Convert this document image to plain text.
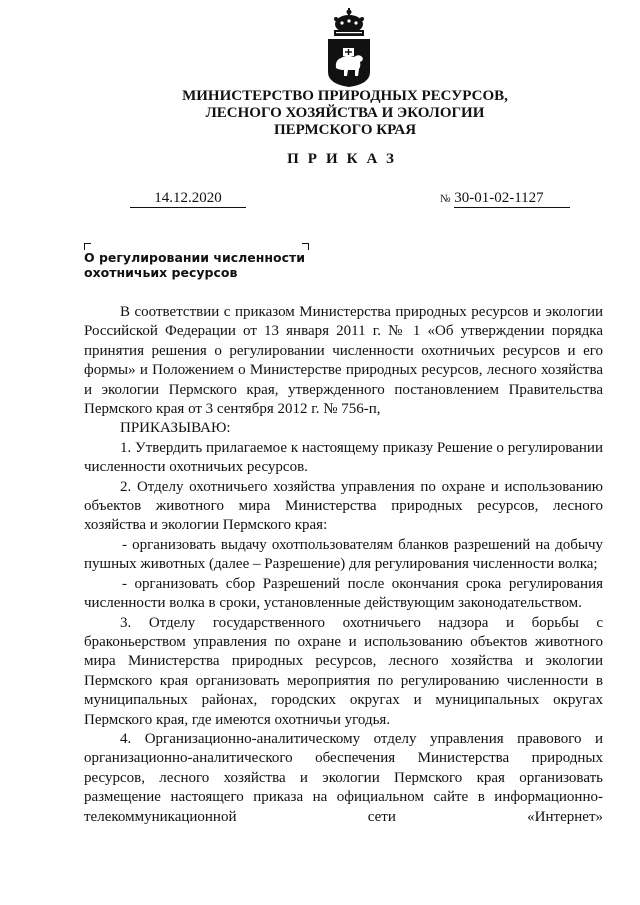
МИНИСТЕРСТВО ПРИРОДНЫХ РЕСУРСОВ,
ЛЕСНОГО ХОЗЯЙСТВА И ЭКОЛОГИИ
ПЕРМСКОГО КРАЯ
ПРИКАЗ
14.12.2020	№ 30-01-02-1127
О регулировании численности
охотничьих ресурсов

В соответствии с приказом Министерства природных ресурсов и экологии Российской Федерации от 13 января 2011 г. № 1 «Об утверждении порядка принятия решения о регулировании численности охотничьих ресурсов и его формы» и Положением о Министерстве природных ресурсов, лесного хозяйства и экологии Пермского края, утвержденного постановлением Правительства Пермского края от 3 сентября 2012 г. № 756-п,

ПРИКАЗЫВАЮ:

1. Утвердить прилагаемое к настоящему приказу Решение о регулировании численности охотничьих ресурсов.

2. Отделу охотничьего хозяйства управления по охране и использованию объектов животного мира Министерства природных ресурсов, лесного хозяйства и экологии Пермского края:

- организовать выдачу охотпользователям бланков разрешений на добычу пушных животных (далее – Разрешение) для регулирования численности волка;

- организовать сбор Разрешений после окончания срока регулирования численности волка в сроки, установленные действующим законодательством.

3. Отделу государственного охотничьего надзора и борьбы с браконьерством управления по охране и использованию объектов животного мира Министерства природных ресурсов, лесного хозяйства и экологии Пермского края организовать мероприятия по регулированию численности в муниципальных районах, городских округах и муниципальных округах Пермского края, где имеются охотничьи угодья.

4. Организационно-аналитическому отделу управления правового и организационно-аналитического обеспечения Министерства природных ресурсов, лесного хозяйства и экологии Пермского края организовать размещение настоящего приказа на официальном сайте в информационно-телекоммуникационной сети «Интернет»
